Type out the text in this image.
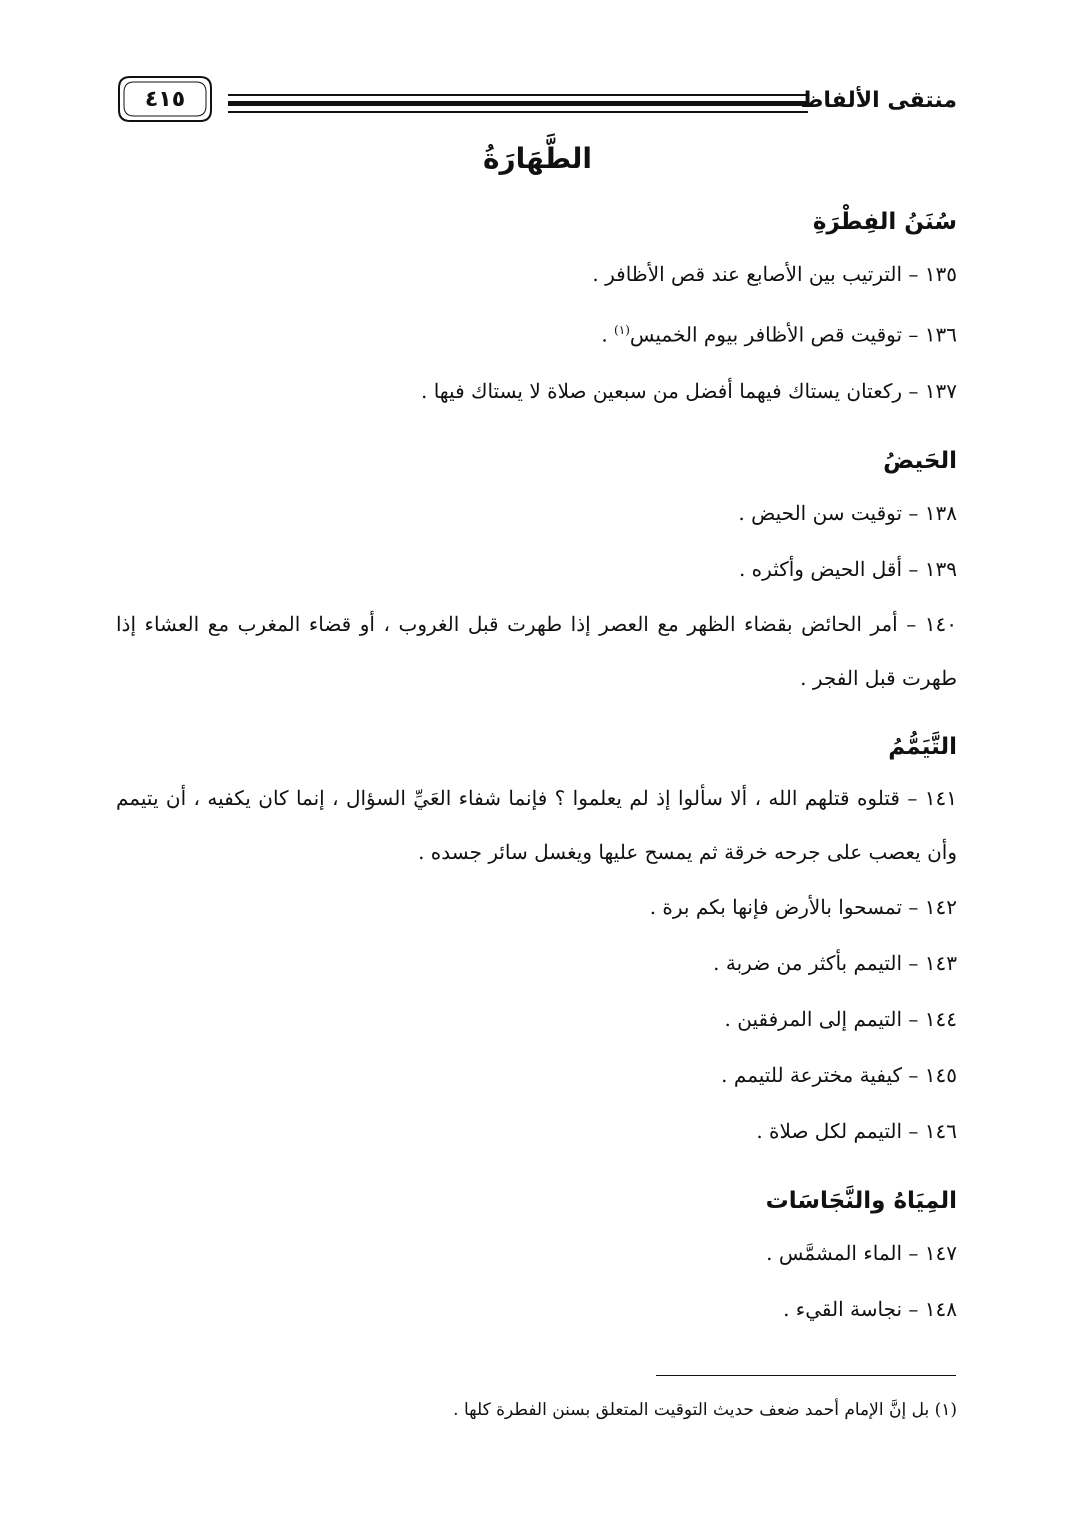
منتقى الألفاظ
٤١٥
الطَّهَارَةُ
سُنَنُ الفِطْرَةِ

١٣٥ – الترتيب بين الأصابع عند قص الأظافر .

١٣٦ – توقيت قص الأظافر بيوم الخميس$^{(١)}$ .

١٣٧ – ركعتان يستاك فيهما أفضل من سبعين صلاة لا يستاك فيها .

الحَيضُ

١٣٨ – توقيت سن الحيض .

١٣٩ – أقل الحيض وأكثره .

١٤٠ – أمر الحائض بقضاء الظهر مع العصر إذا طهرت قبل الغروب ، أو قضاء المغرب مع العشاء إذا طهرت قبل الفجر .

التَّيَمُّمُ

١٤١ – قتلوه قتلهم الله ، ألا سألوا إذ لم يعلموا ؟ فإنما شفاء العَيِّ السؤال ، إنما كان يكفيه ، أن يتيمم وأن يعصب على جرحه خرقة ثم يمسح عليها ويغسل سائر جسده .

١٤٢ – تمسحوا بالأرض فإنها بكم برة .

١٤٣ – التيمم بأكثر من ضربة .

١٤٤ – التيمم إلى المرفقين .

١٤٥ – كيفية مخترعة للتيمم .

١٤٦ – التيمم لكل صلاة .

المِيَاهُ والنَّجَاسَات

١٤٧ – الماء المشمَّس .

١٤٨ – نجاسة القيء .

(١) بل إنَّ الإمام أحمد ضعف حديث التوقيت المتعلق بسنن الفطرة كلها .
